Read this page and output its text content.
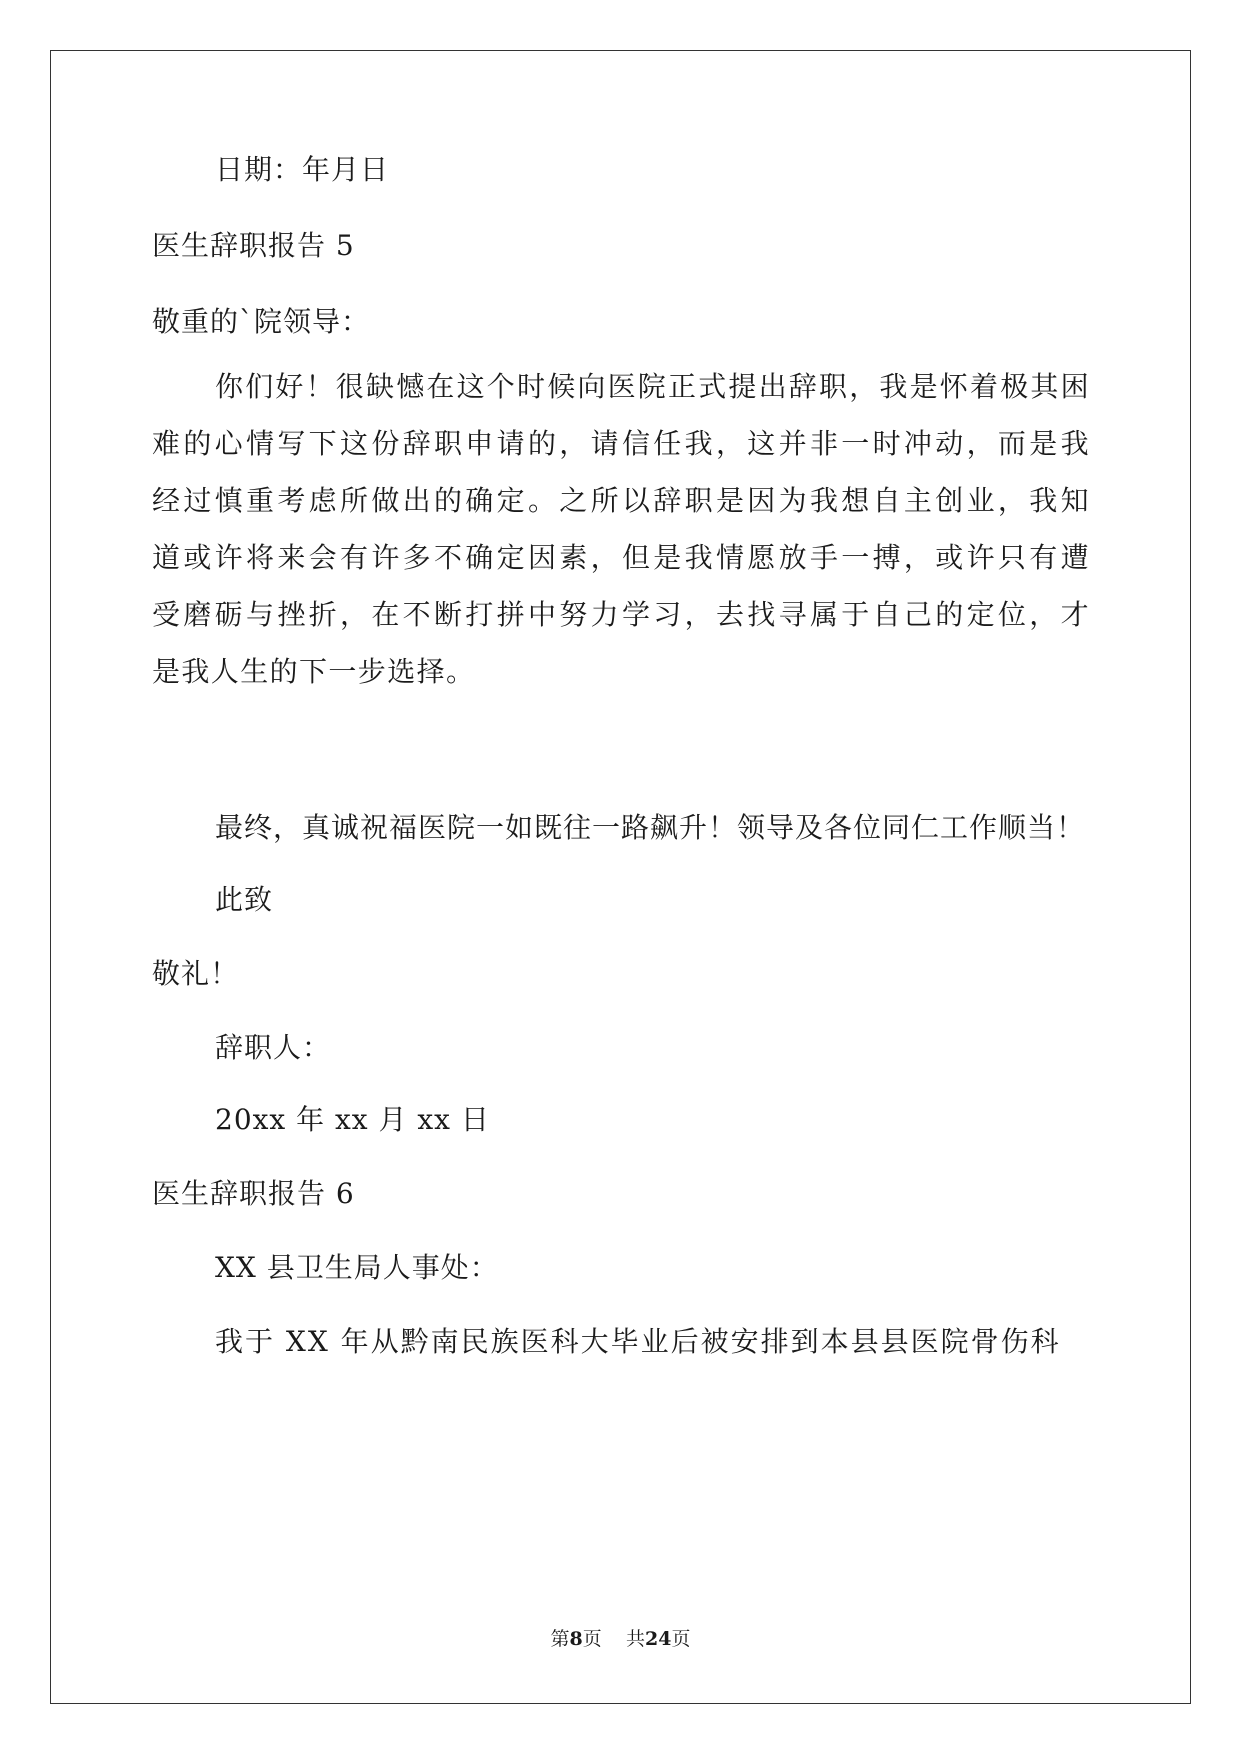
日期：年月日
医生辞职报告 5
敬重的`院领导：
你们好！很缺憾在这个时候向医院正式提出辞职，我是怀着极其困
难的心情写下这份辞职申请的，请信任我，这并非一时冲动，而是我
经过慎重考虑所做出的确定。之所以辞职是因为我想自主创业，我知
道或许将来会有许多不确定因素，但是我情愿放手一搏，或许只有遭
受磨砺与挫折，在不断打拼中努力学习，去找寻属于自己的定位，才
是我人生的下一步选择。
最终，真诚祝福医院一如既往一路飙升！领导及各位同仁工作顺当！
此致
敬礼！
辞职人：
20xx 年 xx 月 xx 日
医生辞职报告 6
XX 县卫生局人事处：
我于 XX 年从黔南民族医科大毕业后被安排到本县县医院骨伤科
第8页 共24页
